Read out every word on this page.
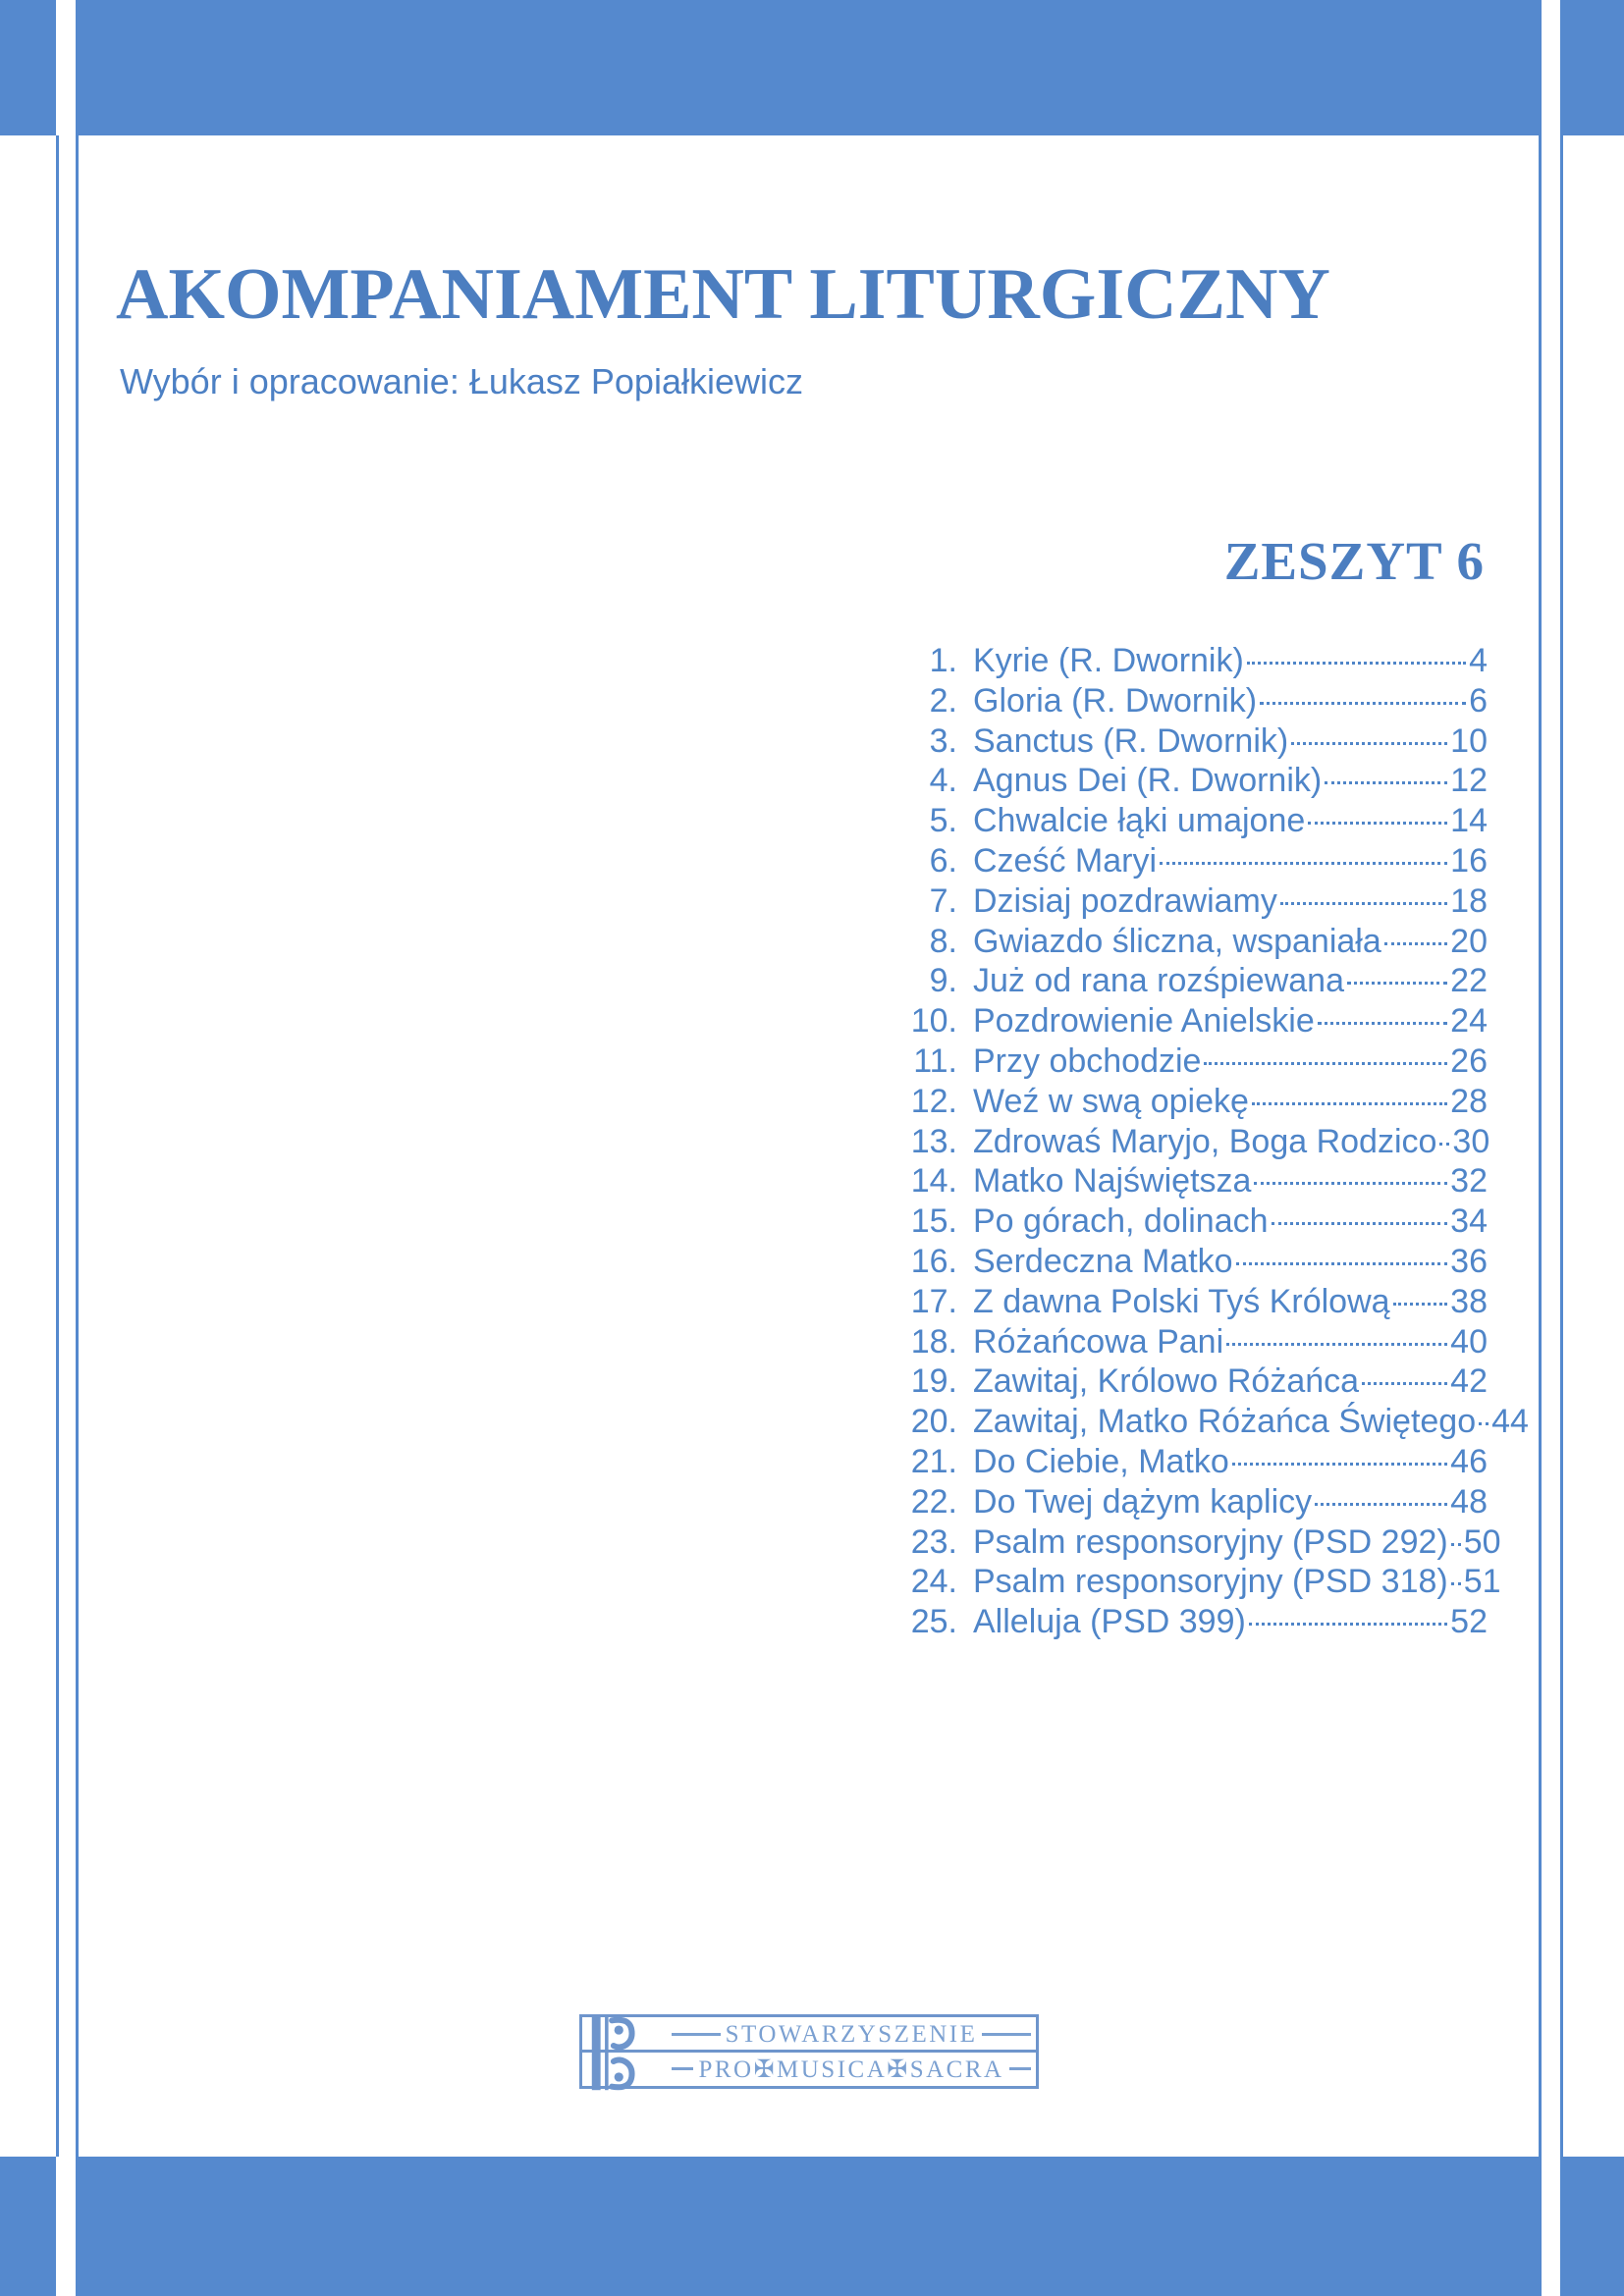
AKOMPANIAMENT LITURGICZNY
Wybór i opracowanie: Łukasz Popiałkiewicz
ZESZYT 6
1. Kyrie (R. Dwornik)	4
2. Gloria (R. Dwornik)	6
3. Sanctus (R. Dwornik)	10
4. Agnus Dei (R. Dwornik)	12
5. Chwalcie łąki umajone	14
6. Cześć Maryi	16
7. Dzisiaj pozdrawiamy	18
8. Gwiazdo śliczna, wspaniała 20
9. Już od rana rozśpiewana	22
10. Pozdrowienie Anielskie	24
11. Przy obchodzie	26
12. Weź w swą opiekę	28
13. Zdrowaś Maryjo, Boga Rodzico 30
14. Matko Najświętsza	32
15. Po górach, dolinach	34
16. Serdeczna Matko	36
17. Z dawna Polski Tyś Królową 38
18. Różańcowa Pani	40
19. Zawitaj, Królowo Różańca	42
20. Zawitaj, Matko Różańca Świętego 44
21. Do Ciebie, Matko	46
22. Do Twej dążym kaplicy	48
23. Psalm responsoryjny (PSD 292) 50
24. Psalm responsoryjny (PSD 318) 51
25. Alleluja (PSD 399)	52
STOWARZYSZENIE
PRO✠MUSICA✠SACRA
